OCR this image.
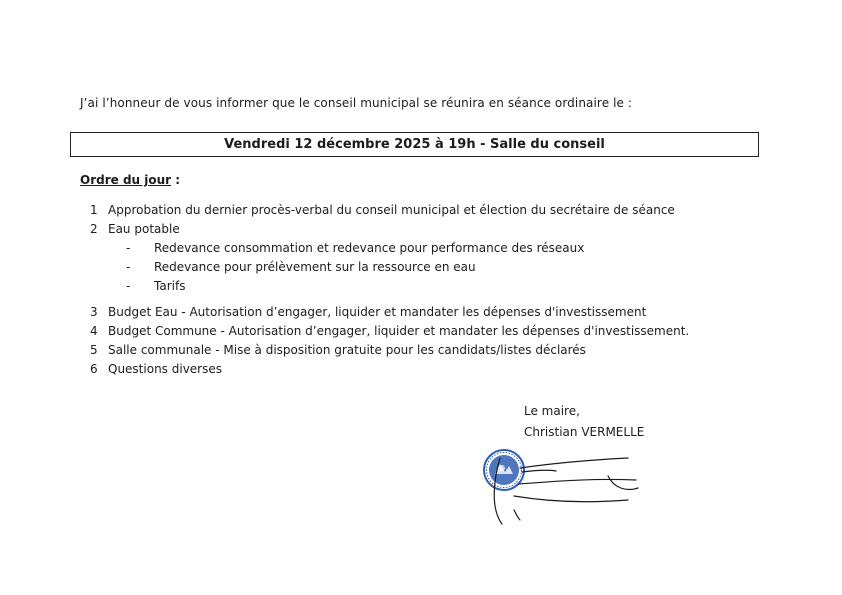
J’ai l’honneur de vous informer que le conseil municipal se réunira en séance ordinaire le :
Vendredi 12 décembre 2025 à 19h - Salle du conseil
Ordre du jour :
1 Approbation du dernier procès-verbal du conseil municipal et élection du secrétaire de séance
2 Eau potable
-	Redevance consommation et redevance pour performance des réseaux
-	Redevance pour prélèvement sur la ressource en eau
-	Tarifs
3 Budget Eau - Autorisation d’engager, liquider et mandater les dépenses d'investissement
4 Budget Commune - Autorisation d’engager, liquider et mandater les dépenses d'investissement.
5 Salle communale - Mise à disposition gratuite pour les candidats/listes déclarés
6 Questions diverses
Le maire,
Christian VERMELLE
